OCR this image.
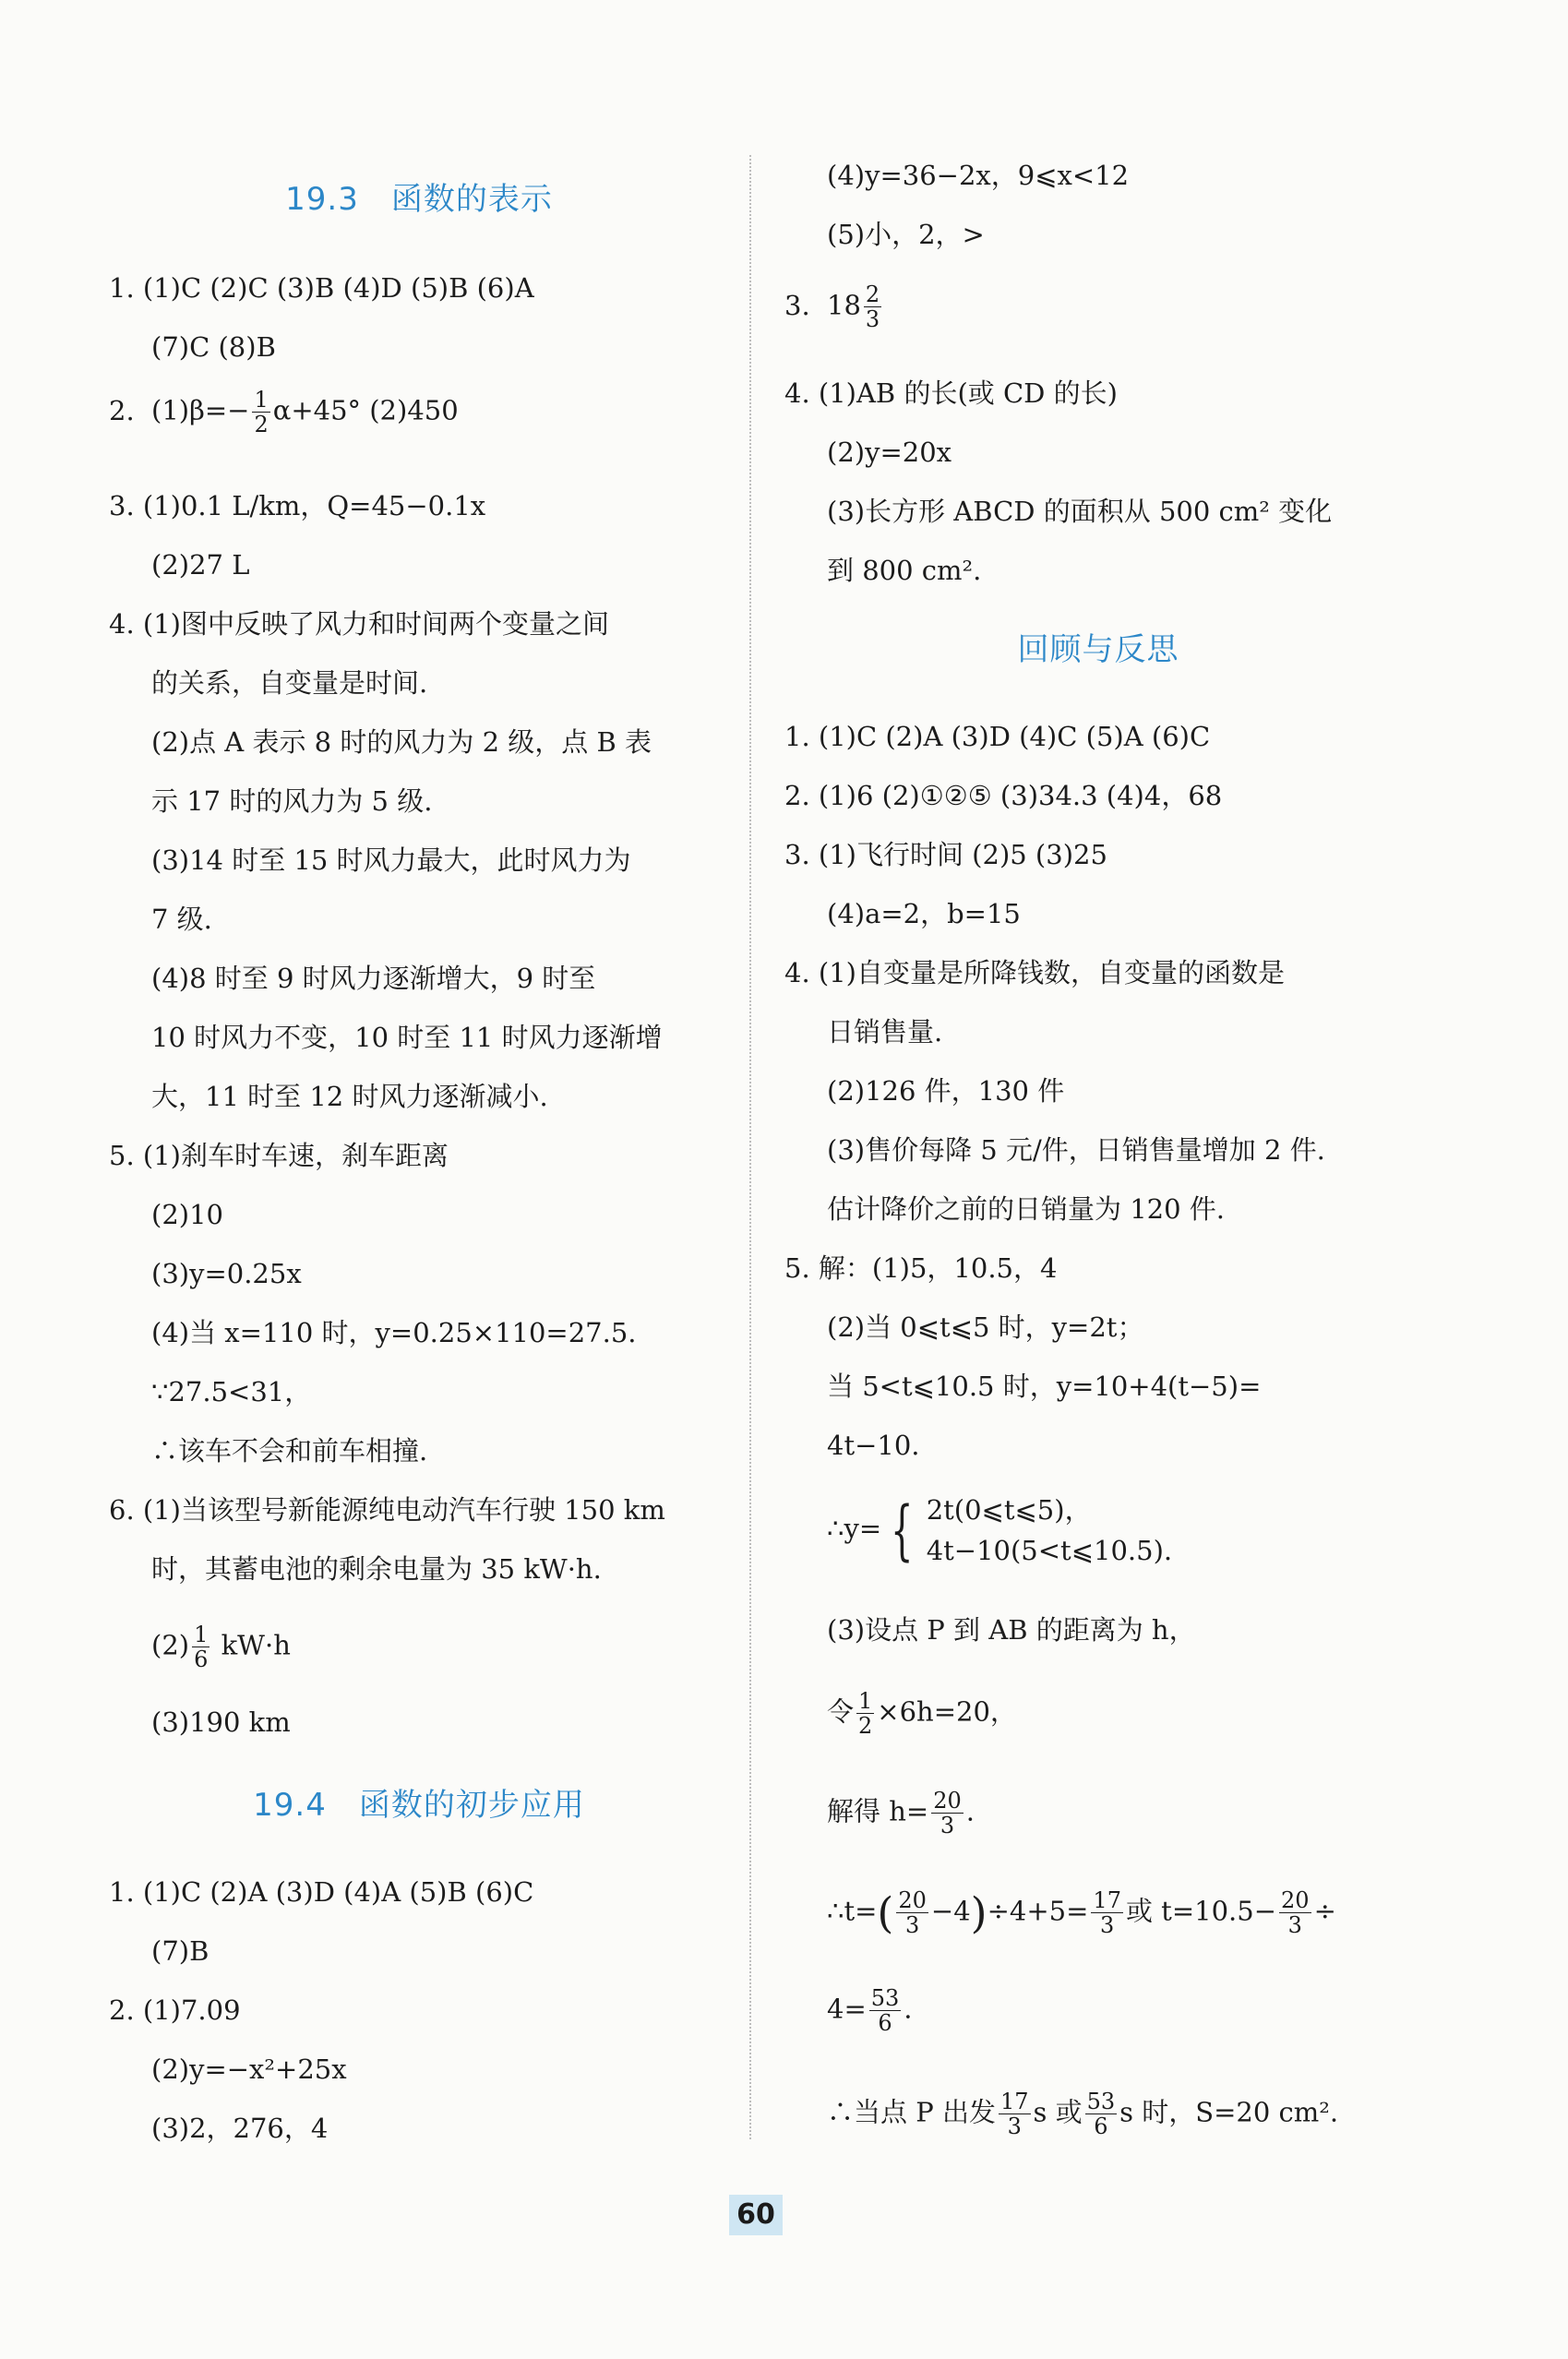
19.3　函数的表示
1. (1)C (2)C (3)B (4)D (5)B (6)A
(7)C (8)B
2. $(1)\beta=- \frac{1}{2} \alpha+45^\circ$ (2)450
3. (1)0.1 L/km，Q=45−0.1x
(2)27 L
4. (1)图中反映了风力和时间两个变量之间
的关系，自变量是时间.
(2)点 A 表示 8 时的风力为 2 级，点 B 表
示 17 时的风力为 5 级.
(3)14 时至 15 时风力最大，此时风力为
7 级.
(4)8 时至 9 时风力逐渐增大，9 时至
10 时风力不变，10 时至 11 时风力逐渐增
大，11 时至 12 时风力逐渐减小.
5. (1)刹车时车速，刹车距离
(2)10
(3)y=0.25x
(4)当 x=110 时，y=0.25×110=27.5.
∵27.5<31，
∴该车不会和前车相撞.
6. (1)当该型号新能源纯电动汽车行驶 150 km
时，其蓄电池的剩余电量为 35 kW·h.
$(2) \frac{1}{6} kW\cdot h$
(3)190 km
19.4　函数的初步应用
1. (1)C (2)A (3)D (4)A (5)B (6)C
(7)B
2. (1)7.09
(2)y=−x²+25x
(3)2，276，4
(4)y=36−2x，9⩽x<12
(5)小，2，>
3. $18 \frac{2}{3}$
4. (1)AB 的长(或 CD 的长)
(2)y=20x
(3)长方形 ABCD 的面积从 500 cm² 变化
到 800 cm².
回顾与反思
1. (1)C (2)A (3)D (4)C (5)A (6)C
2. (1)6 (2)①②⑤ (3)34.3 (4)4，68
3. (1)飞行时间 (2)5 (3)25
(4)a=2，b=15
4. (1)自变量是所降钱数，自变量的函数是
日销售量.
(2)126 件，130 件
(3)售价每降 5 元/件，日销售量增加 2 件.
估计降价之前的日销量为 120 件.
5. 解：(1)5，10.5，4
(2)当 0⩽t⩽5 时，y=2t；
当 5<t⩽10.5 时，y=10+4(t−5)=
4t−10.
∴y= { 2t(0⩽t⩽5)，
4t−10(5<t⩽10.5).
(3)设点 P 到 AB 的距离为 h，
令 $\frac{1}{2} \times 6h=20$，
解得 $h= \frac{20}{3}$ .
∴t=( $\frac{20}{3} -4)\div 4+5= \frac{17}{3}$ 或 $t=10.5- \frac{20}{3}$ ÷
$4= \frac{53}{6}$ .
∴当点 P 出发 $\frac{17}{3}$ s 或 $\frac{53}{6}$ s 时，S=20 cm².
60
